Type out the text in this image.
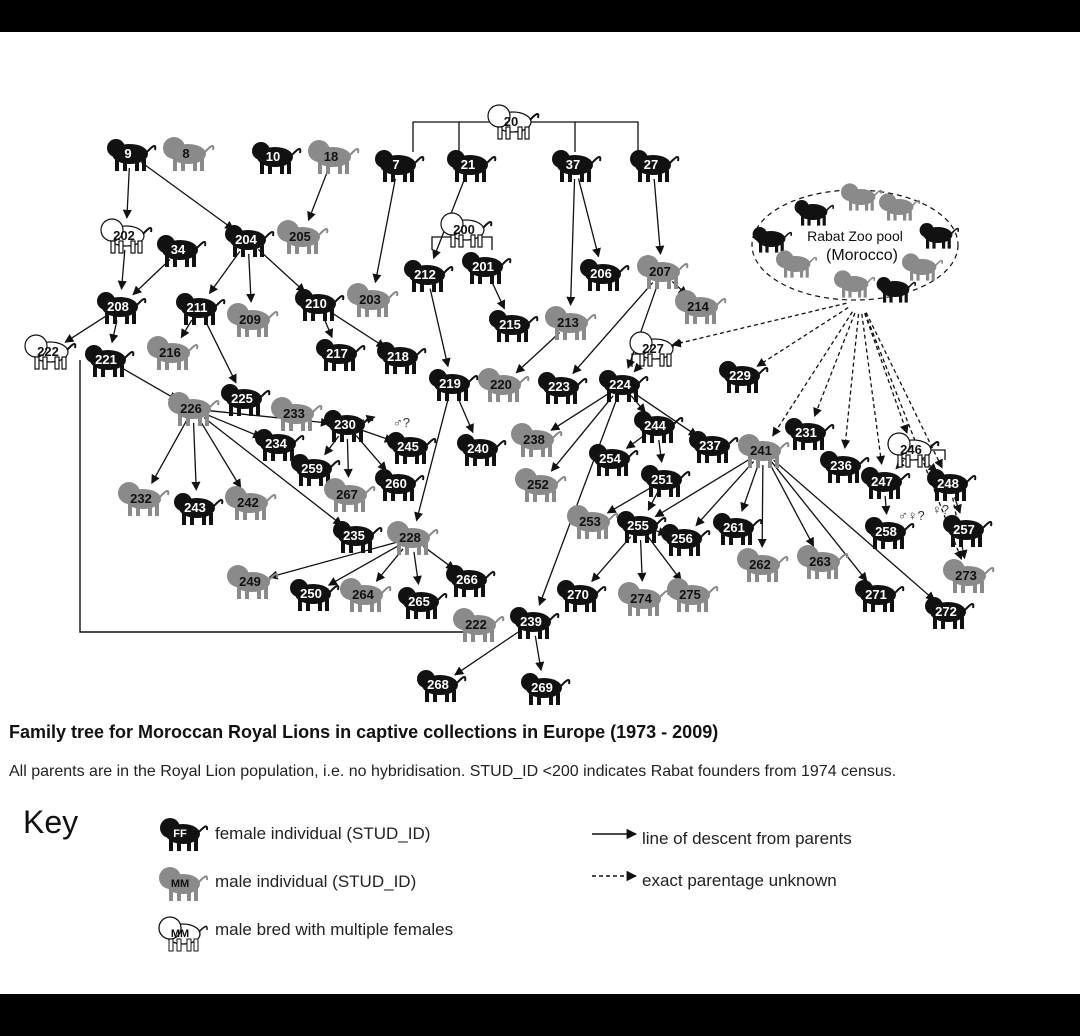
Rabat Zoo pool
(Morocco)
♂?
♂♀? ♀?
9	8	10	18
20
7	21	37	27
202
34
204 205	200
212
201	206	207
208	211
209
210 203
215	213
214
222
221	216	217	218
227
229
219 220	223	224
226
225
233
230
234	245
259
267
260
240
238
244
237 241
231
236
246
247	248
232
243 242
252
254
251
235	228
253 255
256
261	258	257
262	263
273
249
250 264	265
266
270	274 275	271
272
222	239
268	269
Family tree for Moroccan Royal Lions in captive collections in Europe (1973 - 2009)
All parents are in the Royal Lion population, i.e. no hybridisation. STUD_ID <200 indicates Rabat founders from 1974 census.
Key	FF
MM
MM
female individual (STUD_ID)
male individual (STUD_ID)
male bred with multiple females
line of descent from parents
exact parentage unknown
